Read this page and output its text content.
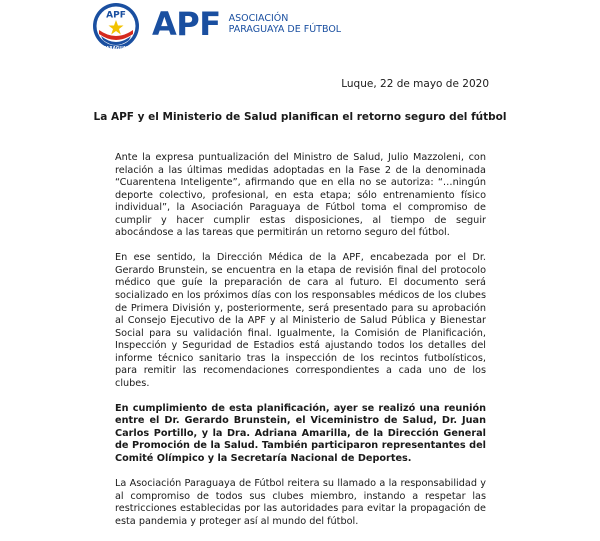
APF
PARAGUAY
APF ASOCIACIÓN
PARAGUAYA DE FÚTBOL
Luque, 22 de mayo de 2020
La APF y el Ministerio de Salud planifican el retorno seguro del fútbol

Ante la expresa puntualización del Ministro de Salud, Julio Mazzoleni, con relación a las últimas medidas adoptadas en la Fase 2 de la denominada “Cuarentena Inteligente”, afirmando que en ella no se autoriza: “…ningún deporte colectivo, profesional, en esta etapa; sólo entrenamiento físico individual”, la Asociación Paraguaya de Fútbol toma el compromiso de cumplir y hacer cumplir estas disposiciones, al tiempo de seguir abocándose a las tareas que permitirán un retorno seguro del fútbol.

En ese sentido, la Dirección Médica de la APF, encabezada por el Dr. Gerardo Brunstein, se encuentra en la etapa de revisión final del protocolo médico que guíe la preparación de cara al futuro. El documento será socializado en los próximos días con los responsables médicos de los clubes de Primera División y, posteriormente, será presentado para su aprobación al Consejo Ejecutivo de la APF y al Ministerio de Salud Pública y Bienestar Social para su validación final. Igualmente, la Comisión de Planificación, Inspección y Seguridad de Estadios está ajustando todos los detalles del informe técnico sanitario tras la inspección de los recintos futbolísticos, para remitir las recomendaciones correspondientes a cada uno de los clubes.

En cumplimiento de esta planificación, ayer se realizó una reunión entre el Dr. Gerardo Brunstein, el Viceministro de Salud, Dr. Juan Carlos Portillo, y la Dra. Adriana Amarilla, de la Dirección General de Promoción de la Salud. También participaron representantes del Comité Olímpico y la Secretaría Nacional de Deportes.

La Asociación Paraguaya de Fútbol reitera su llamado a la responsabilidad y al compromiso de todos sus clubes miembro, instando a respetar las restricciones establecidas por las autoridades para evitar la propagación de esta pandemia y proteger así al mundo del fútbol.
